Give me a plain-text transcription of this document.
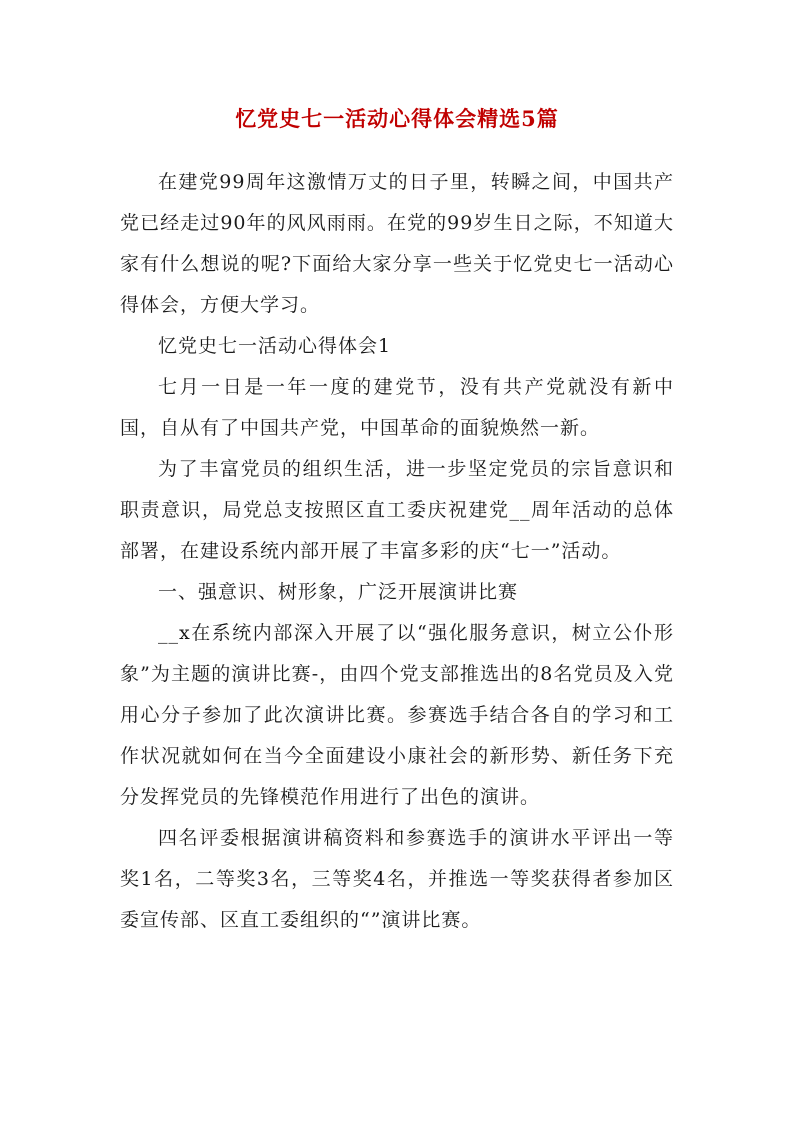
忆党史七一活动心得体会精选5篇

在建党99周年这激情万丈的日子里，转瞬之间，中国共产党已经走过90年的风风雨雨。在党的99岁生日之际，不知道大家有什么想说的呢?下面给大家分享一些关于忆党史七一活动心得体会，方便大学习。

忆党史七一活动心得体会1

七月一日是一年一度的建党节，没有共产党就没有新中国，自从有了中国共产党，中国革命的面貌焕然一新。

为了丰富党员的组织生活，进一步坚定党员的宗旨意识和职责意识，局党总支按照区直工委庆祝建党__周年活动的总体部署，在建设系统内部开展了丰富多彩的庆“七一”活动。

一、强意识、树形象，广泛开展演讲比赛

__x在系统内部深入开展了以“强化服务意识，树立公仆形象”为主题的演讲比赛-，由四个党支部推选出的8名党员及入党用心分子参加了此次演讲比赛。参赛选手结合各自的学习和工作状况就如何在当今全面建设小康社会的新形势、新任务下充分发挥党员的先锋模范作用进行了出色的演讲。

四名评委根据演讲稿资料和参赛选手的演讲水平评出一等奖1名，二等奖3名，三等奖4名，并推选一等奖获得者参加区委宣传部、区直工委组织的“”演讲比赛。
